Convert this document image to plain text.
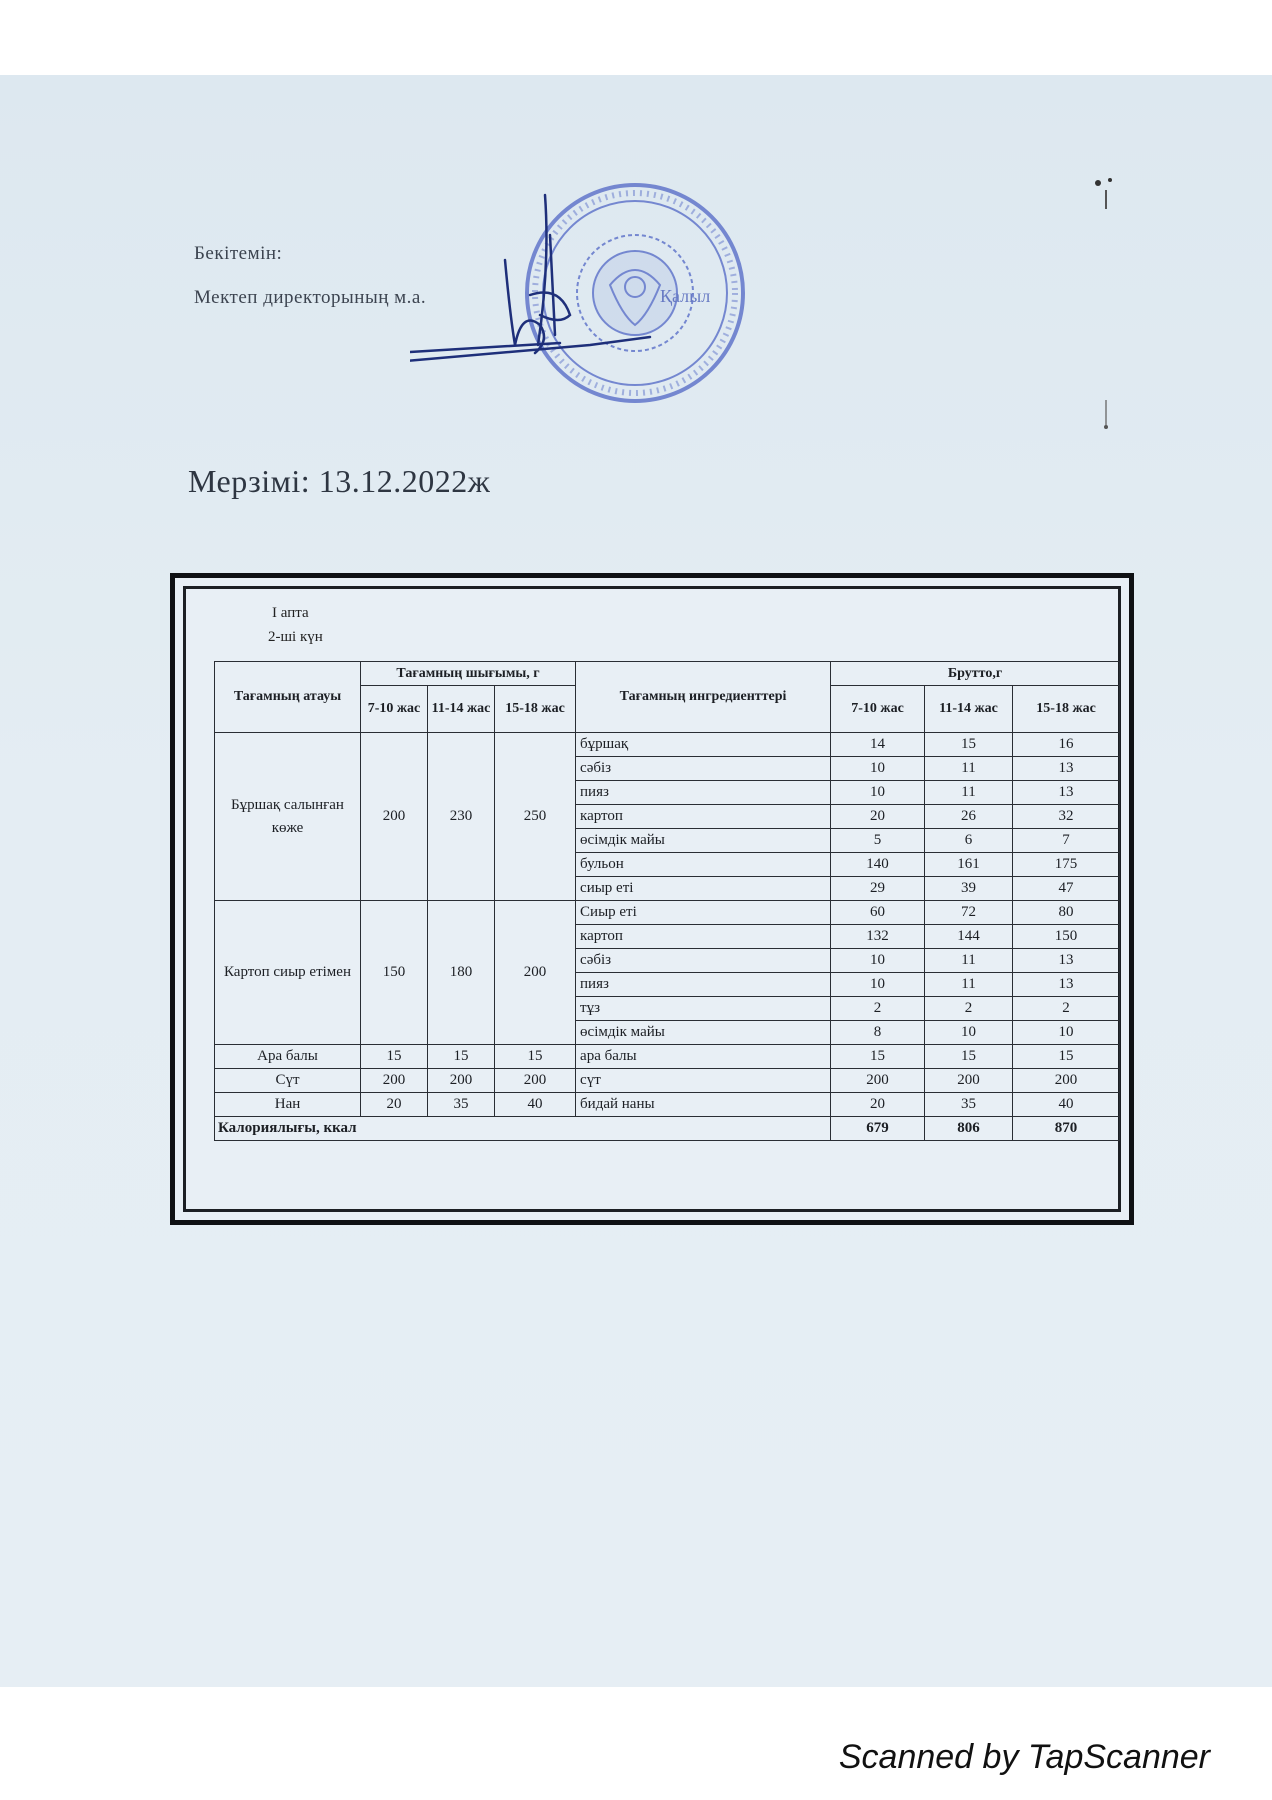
Бекітемін:
Мектеп директорының м.а.	Қалыл
Мерзімі: 13.12.2022ж
I апта
2-ші күн
Тағамның атауы	Тағамның шығымы, г			Тағамның ингредиенттері	Брутто,г		
	7-10 жас	11-14 жас	15-18 жас		7-10 жас	11-14 жас	15-18 жас
Бұршақ салынған көже	200	230	250	бұршақ	14	15	16
				сәбіз	10	11	13
				пияз	10	11	13
				картоп	20	26	32
				өсімдік майы	5	6	7
				бульон	140	161	175
				сиыр еті	29	39	47
Картоп сиыр етімен	150	180	200	Сиыр еті	60	72	80
				картоп	132	144	150
				сәбіз	10	11	13
				пияз	10	11	13
				тұз	2	2	2
				өсімдік майы	8	10	10
Ара балы	15	15	15	ара балы	15	15	15
Сүт	200	200	200	сүт	200	200	200
Нан	20	35	40	бидай наны	20	35	40
Калориялығы, ккал					679	806	870
Scanned by TapScanner
